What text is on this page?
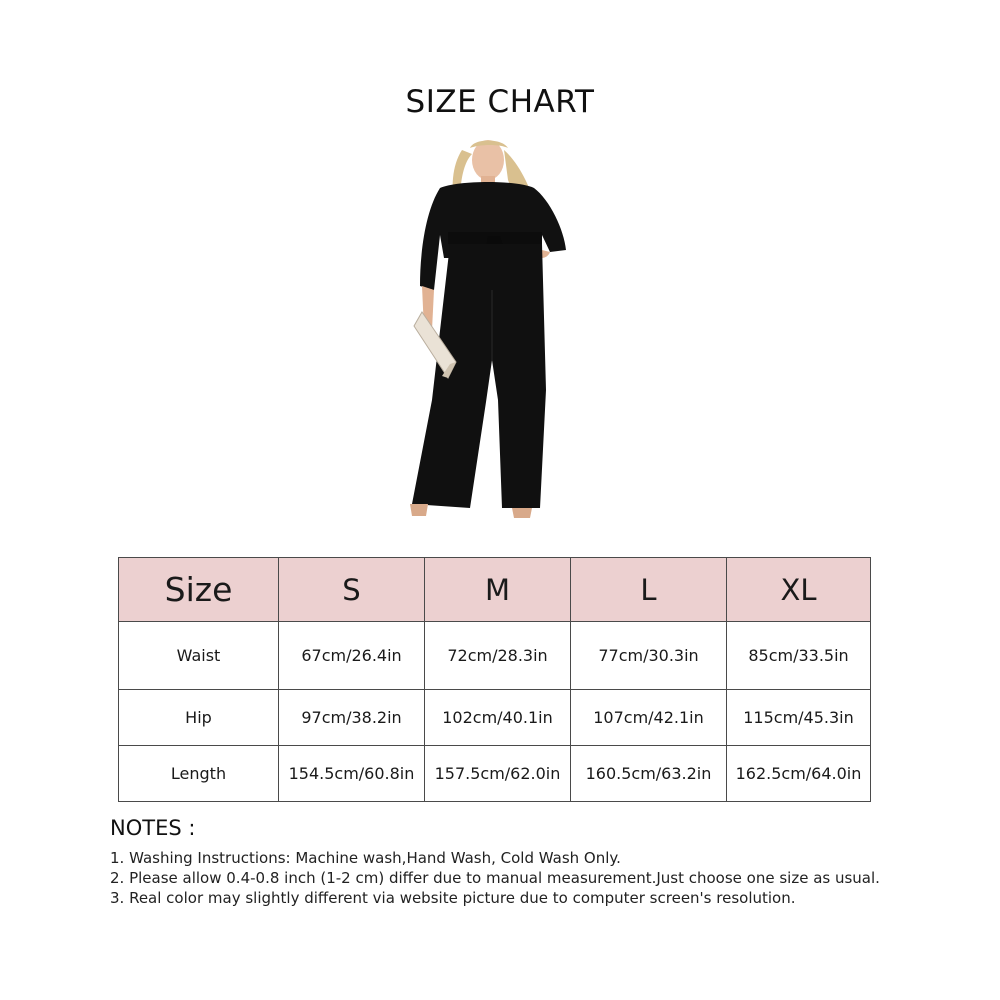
SIZE CHART
Size	S	M	L	XL
Waist	67cm/26.4in	72cm/28.3in	77cm/30.3in	85cm/33.5in
Hip	97cm/38.2in	102cm/40.1in	107cm/42.1in	115cm/45.3in
Length	154.5cm/60.8in	157.5cm/62.0in	160.5cm/63.2in	162.5cm/64.0in
NOTES :
1. Washing Instructions: Machine wash,Hand Wash, Cold Wash Only.
2. Please allow 0.4-0.8 inch (1-2 cm) differ due to manual measurement.Just choose one size as usual.
3. Real color may slightly different via website picture due to computer screen's resolution.
